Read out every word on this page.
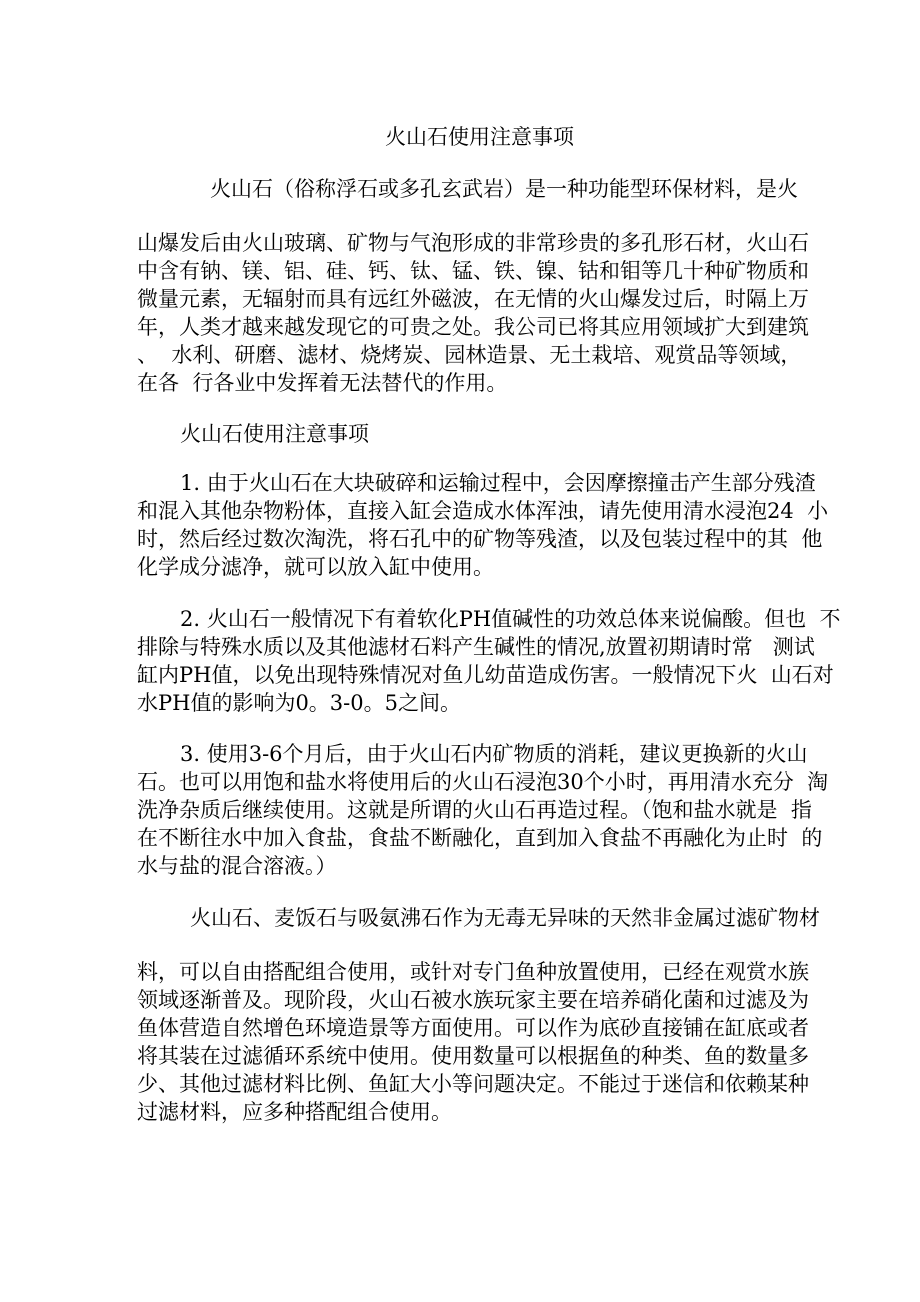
火山石使用注意事项
火山石（俗称浮石或多孔玄武岩）是一种功能型环保材料，是火
山爆发后由火山玻璃、矿物与气泡形成的非常珍贵的多孔形石材，火山石
中含有钠、镁、铝、硅、钙、钛、锰、铁、镍、钴和钼等几十种矿物质和
微量元素，无辐射而具有远红外磁波，在无情的火山爆发过后，时隔上万
年，人类才越来越发现它的可贵之处。我公司已将其应用领域扩大到建筑
、  水利、研磨、滤材、烧烤炭、园林造景、无土栽培、观赏品等领域，
在各  行各业中发挥着无法替代的作用。
火山石使用注意事项
1. 由于火山石在大块破碎和运输过程中，会因摩擦撞击产生部分残渣
和混入其他杂物粉体，直接入缸会造成水体浑浊，请先使用清水浸泡24  小
时，然后经过数次淘洗，将石孔中的矿物等残渣，以及包装过程中的其  他
化学成分滤净，就可以放入缸中使用。
2. 火山石一般情况下有着软化PH值碱性的功效总体来说偏酸。但也  不
排除与特殊水质以及其他滤材石料产生碱性的情况,放置初期请时常   测试
缸内PH值，以免出现特殊情况对鱼儿幼苗造成伤害。一般情况下火  山石对
水PH值的影响为0。3-0。5之间。
3. 使用3-6个月后，由于火山石内矿物质的消耗，建议更换新的火山
石。也可以用饱和盐水将使用后的火山石浸泡30个小时，再用清水充分  淘
洗净杂质后继续使用。这就是所谓的火山石再造过程。（饱和盐水就是  指
在不断往水中加入食盐，食盐不断融化，直到加入食盐不再融化为止时  的
水与盐的混合溶液。）
火山石、麦饭石与吸氨沸石作为无毒无异味的天然非金属过滤矿物材
料，可以自由搭配组合使用，或针对专门鱼种放置使用，已经在观赏水族
领域逐渐普及。现阶段，火山石被水族玩家主要在培养硝化菌和过滤及为
鱼体营造自然增色环境造景等方面使用。可以作为底砂直接铺在缸底或者
将其装在过滤循环系统中使用。使用数量可以根据鱼的种类、鱼的数量多
少、其他过滤材料比例、鱼缸大小等问题决定。不能过于迷信和依赖某种
过滤材料，应多种搭配组合使用。
